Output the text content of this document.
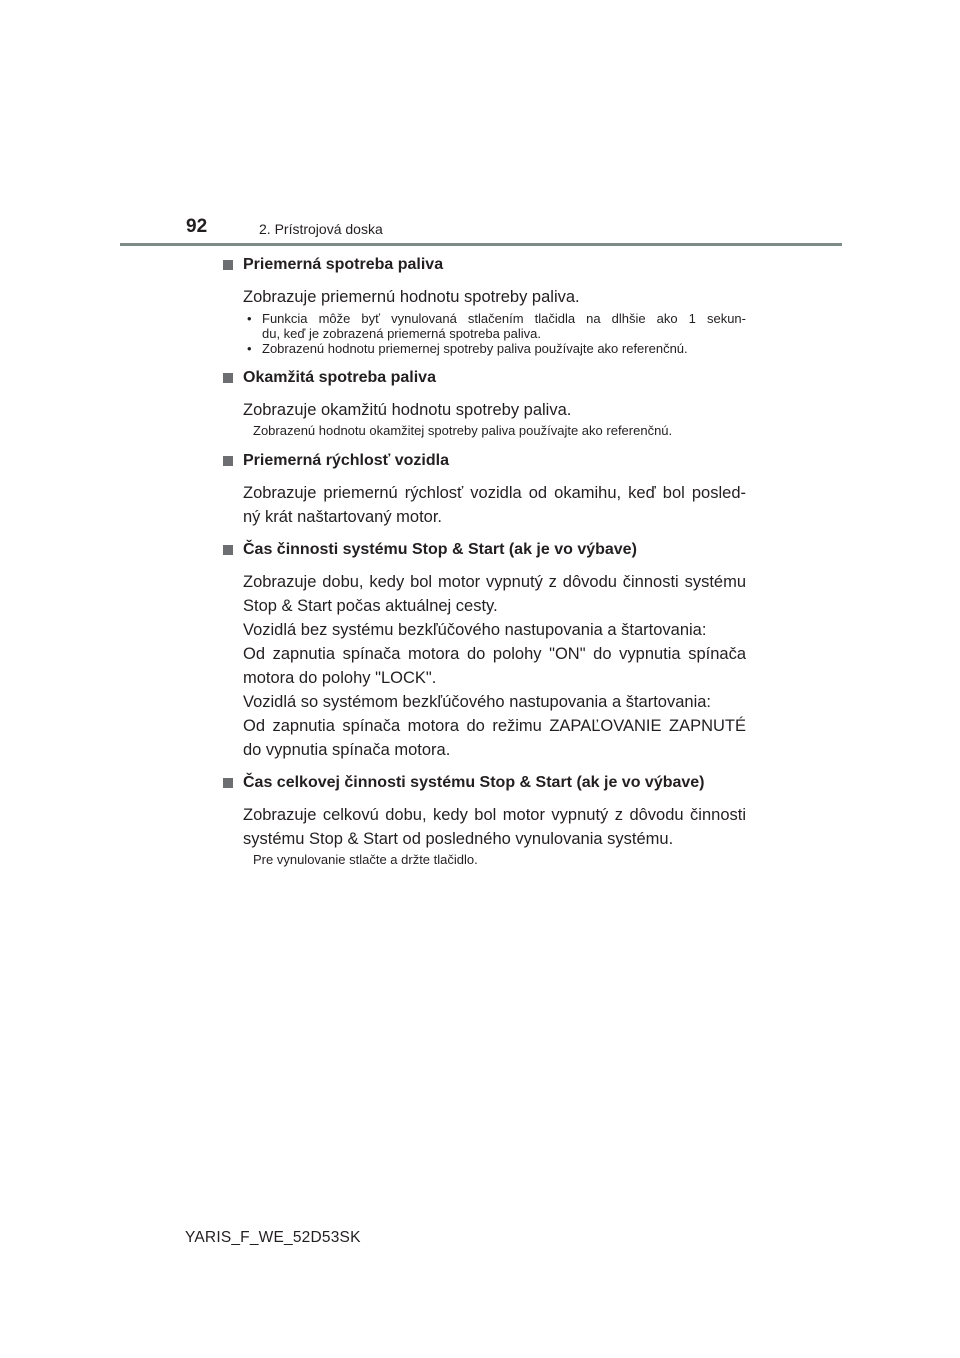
92	2. Prístrojová doska
Priemerná spotreba paliva
Zobrazuje priemernú hodnotu spotreby paliva.
• Funkcia môže byť vynulovaná stlačením tlačidla na dlhšie ako 1 sekun-
du, keď je zobrazená priemerná spotreba paliva.
• Zobrazenú hodnotu priemernej spotreby paliva používajte ako referenčnú.
Okamžitá spotreba paliva
Zobrazuje okamžitú hodnotu spotreby paliva.
Zobrazenú hodnotu okamžitej spotreby paliva používajte ako referenčnú.
Priemerná rýchlosť vozidla
Zobrazuje priemernú rýchlosť vozidla od okamihu, keď bol posled-
ný krát naštartovaný motor.
Čas činnosti systému Stop & Start (ak je vo výbave)
Zobrazuje dobu, kedy bol motor vypnutý z dôvodu činnosti systému
Stop & Start počas aktuálnej cesty.
Vozidlá bez systému bezkľúčového nastupovania a štartovania:
Od zapnutia spínača motora do polohy "ON" do vypnutia spínača
motora do polohy "LOCK".
Vozidlá so systémom bezkľúčového nastupovania a štartovania:
Od zapnutia spínača motora do režimu ZAPAĽOVANIE ZAPNUTÉ
do vypnutia spínača motora.
Čas celkovej činnosti systému Stop & Start (ak je vo výbave)
Zobrazuje celkovú dobu, kedy bol motor vypnutý z dôvodu činnosti
systému Stop & Start od posledného vynulovania systému.
Pre vynulovanie stlačte a držte tlačidlo.
YARIS_F_WE_52D53SK
